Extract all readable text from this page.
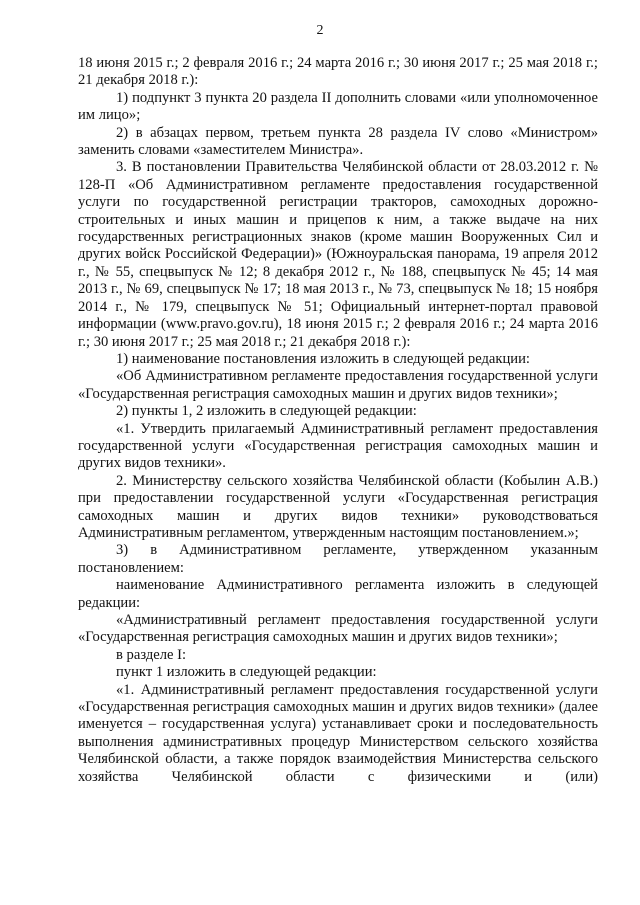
2

18 июня 2015 г.; 2 февраля 2016 г.; 24 марта 2016 г.; 30 июня 2017 г.; 25 мая 2018 г.; 21 декабря 2018 г.):

1) подпункт 3 пункта 20 раздела II дополнить словами «или уполномоченное им лицо»;

2) в абзацах первом, третьем пункта 28 раздела IV слово «Министром» заменить словами «заместителем Министра».

3. В постановлении Правительства Челябинской области от 28.03.2012 г. № 128-П «Об Административном регламенте предоставления государственной услуги по государственной регистрации тракторов, самоходных дорожно-строительных и иных машин и прицепов к ним, а также выдаче на них государственных регистрационных знаков (кроме машин Вооруженных Сил и других войск Российской Федерации)» (Южноуральская панорама, 19 апреля 2012 г., № 55, спецвыпуск № 12; 8 декабря 2012 г., № 188, спецвыпуск № 45; 14 мая 2013 г., № 69, спецвыпуск № 17; 18 мая 2013 г., № 73, спецвыпуск № 18; 15 ноября 2014 г., № 179, спецвыпуск № 51; Официальный интернет-портал правовой информации (www.pravo.gov.ru), 18 июня 2015 г.; 2 февраля 2016 г.; 24 марта 2016 г.; 30 июня 2017 г.; 25 мая 2018 г.; 21 декабря 2018 г.):

1) наименование постановления изложить в следующей редакции:

«Об Административном регламенте предоставления государственной услуги «Государственная регистрация самоходных машин и других видов техники»;

2) пункты 1, 2 изложить в следующей редакции:

«1. Утвердить прилагаемый Административный регламент предоставления государственной услуги «Государственная регистрация самоходных машин и других видов техники».

2. Министерству сельского хозяйства Челябинской области (Кобылин А.В.) при предоставлении государственной услуги «Государственная регистрация самоходных машин и других видов техники» руководствоваться Административным регламентом, утвержденным настоящим постановлением.»;

3) в Административном регламенте, утвержденном указанным постановлением:

наименование Административного регламента изложить в следующей редакции:

«Административный регламент предоставления государственной услуги «Государственная регистрация самоходных машин и других видов техники»;

в разделе I:

пункт 1 изложить в следующей редакции:

«1. Административный регламент предоставления государственной услуги «Государственная регистрация самоходных машин и других видов техники» (далее именуется – государственная услуга) устанавливает сроки и последовательность выполнения административных процедур Министерством сельского хозяйства Челябинской области, а также порядок взаимодействия Министерства сельского хозяйства Челябинской области с физическими и (или)
